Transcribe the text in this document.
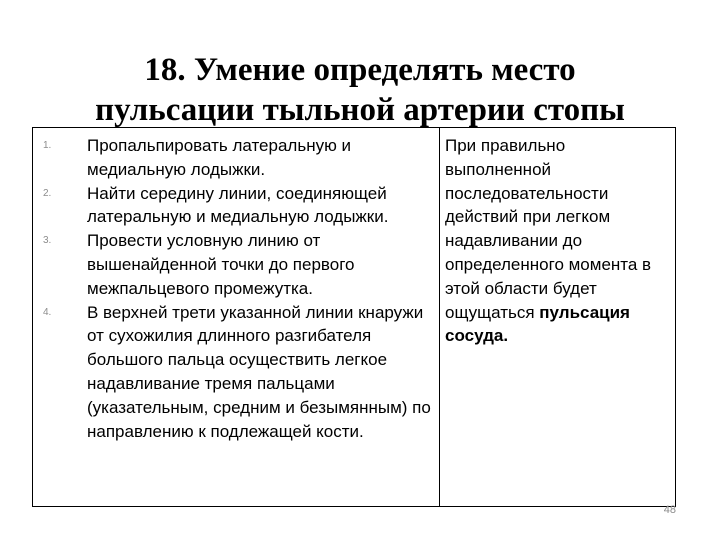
18. Умение определять место
пульсации тыльной артерии стопы
1. Пропальпировать латеральную и медиальную лодыжки.
2. Найти середину линии, соединяющей латеральную и медиальную лодыжки.
3. Провести условную линию от вышенайденной точки до первого межпальцевого промежутка.
4. В верхней трети указанной линии кнаружи от сухожилия длинного разгибателя большого пальца осуществить легкое надавливание тремя пальцами (указательным, средним и безымянным) по направлению к подлежащей кости.

При правильно выполненной последовательности действий при легком надавливании до определенного момента в этой области будет ощущаться пульсация сосуда.

48
